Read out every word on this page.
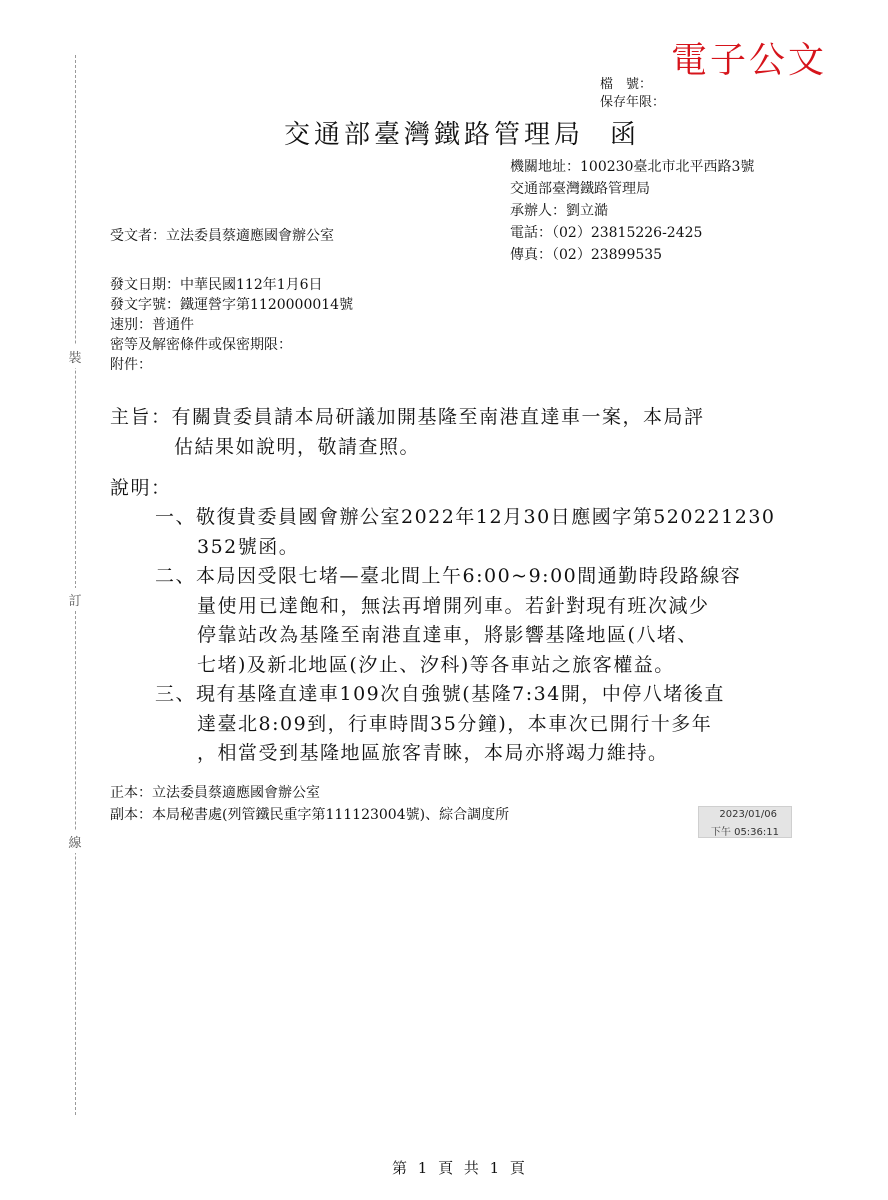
裝
訂
線
電子公文
檔　號：
保存年限：
交通部臺灣鐵路管理局 函
機關地址：100230臺北市北平西路3號
交通部臺灣鐵路管理局
承辦人：劉立澔
電話：（02）23815226-2425
傳真：（02）23899535
受文者：立法委員蔡適應國會辦公室
發文日期：中華民國112年1月6日
發文字號：鐵運營字第1120000014號
速別：普通件
密等及解密條件或保密期限：
附件：
主旨：有關貴委員請本局研議加開基隆至南港直達車一案，本局評
估結果如說明，敬請查照。
說明：
一、敬復貴委員國會辦公室2022年12月30日應國字第520221230
352號函。
二、本局因受限七堵—臺北間上午6:00~9:00間通勤時段路線容
量使用已達飽和，無法再增開列車。若針對現有班次減少
停靠站改為基隆至南港直達車，將影響基隆地區(八堵、
七堵)及新北地區(汐止、汐科)等各車站之旅客權益。
三、現有基隆直達車109次自強號(基隆7:34開，中停八堵後直
達臺北8:09到，行車時間35分鐘)，本車次已開行十多年
，相當受到基隆地區旅客青睞，本局亦將竭力維持。
正本：立法委員蔡適應國會辦公室
副本：本局秘書處(列管鐵民重字第111123004號)、綜合調度所	2023/01/06
下午 05:36:11
第 1 頁 共 1 頁
